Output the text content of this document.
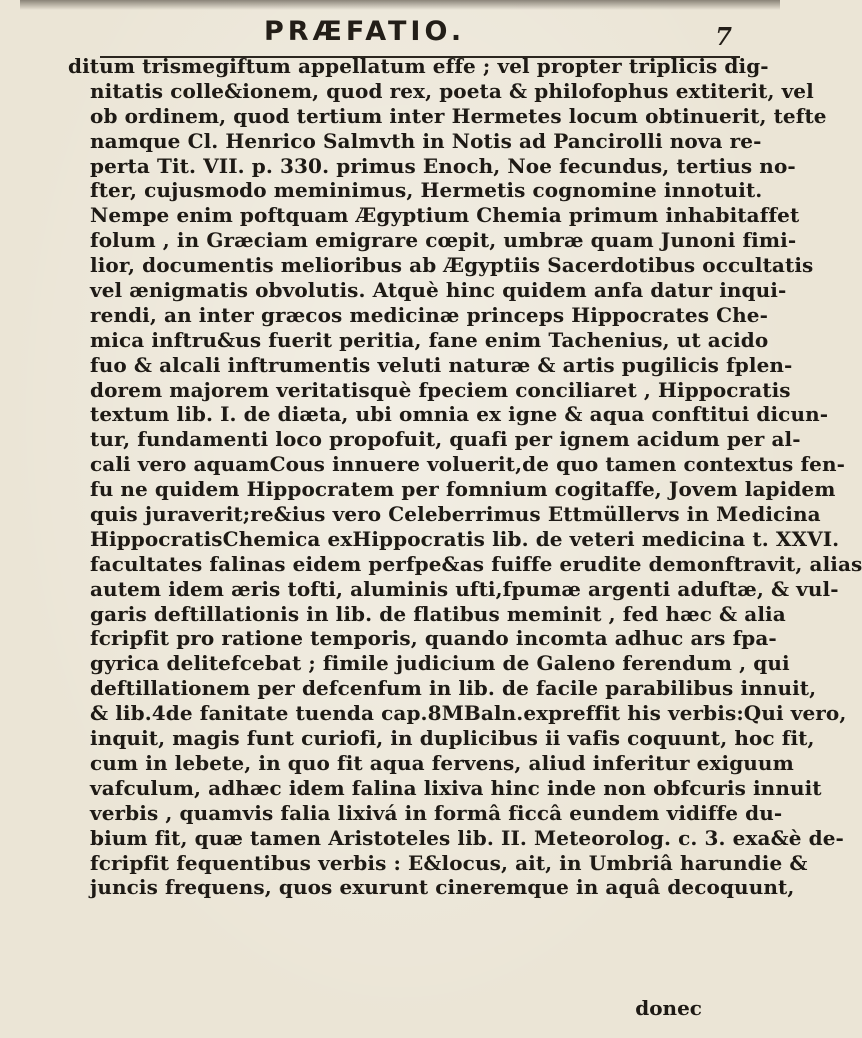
PRÆFATIO.	7
ditum trismegiftum appellatum effe ; vel propter triplicis dig-
nitatis colle&ionem, quod rex, poeta & philofophus extiterit, vel
ob ordinem, quod tertium inter Hermetes locum obtinuerit, tefte
namque Cl. Henrico Salmvth in Notis ad Pancirolli nova re-
perta Tit. VII. p. 330. primus Enoch, Noe fecundus, tertius no-
fter, cujusmodo meminimus, Hermetis cognomine innotuit.
Nempe enim poftquam Ægyptium Chemia primum inhabitaffet
folum , in Græciam emigrare cœpit, umbræ quam Junoni fimi-
lior, documentis melioribus ab Ægyptiis Sacerdotibus occultatis
vel ænigmatis obvolutis. Atquè hinc quidem anfa datur inqui-
rendi, an inter græcos medicinæ princeps Hippocrates Che-
mica inftru&us fuerit peritia, fane enim Tachenius, ut acido
fuo & alcali inftrumentis veluti naturæ & artis pugilicis fplen-
dorem majorem veritatisquè fpeciem conciliaret , Hippocratis
textum lib. I. de diæta, ubi omnia ex igne & aqua conftitui dicun-
tur, fundamenti loco propofuit, quafi per ignem acidum per al-
cali vero aquamCous innuere voluerit,de quo tamen contextus fen-
fu ne quidem Hippocratem per fomnium cogitaffe, Jovem lapidem
quis juraverit;re&ius vero Celeberrimus Ettmüllervs in Medicina
HippocratisChemica exHippocratis lib. de veteri medicina t. XXVI.
facultates falinas eidem perfpe&as fuiffe erudite demonftravit, alias
autem idem æris tofti, aluminis ufti,fpumæ argenti aduftæ, & vul-
garis deftillationis in lib. de flatibus meminit , fed hæc & alia
fcripfit pro ratione temporis, quando incomta adhuc ars fpa-
gyrica delitefcebat ; fimile judicium de Galeno ferendum , qui
deftillationem per defcenfum in lib. de facile parabilibus innuit,
& lib.4de fanitate tuenda cap.8MBaln.expreffit his verbis:Qui vero,
inquit, magis funt curiofi, in duplicibus ii vafis coquunt, hoc fit,
cum in lebete, in quo fit aqua fervens, aliud inferitur exiguum
vafculum, adhæc idem falina lixiva hinc inde non obfcuris innuit
verbis , quamvis falia lixivá in formâ ficcâ eundem vidiffe du-
bium fit, quæ tamen Aristoteles lib. II. Meteorolog. c. 3. exa&è de-
fcripfit fequentibus verbis : E&locus, ait, in Umbriâ harundie &
juncis frequens, quos exurunt cineremque in aquâ decoquunt,
donec
